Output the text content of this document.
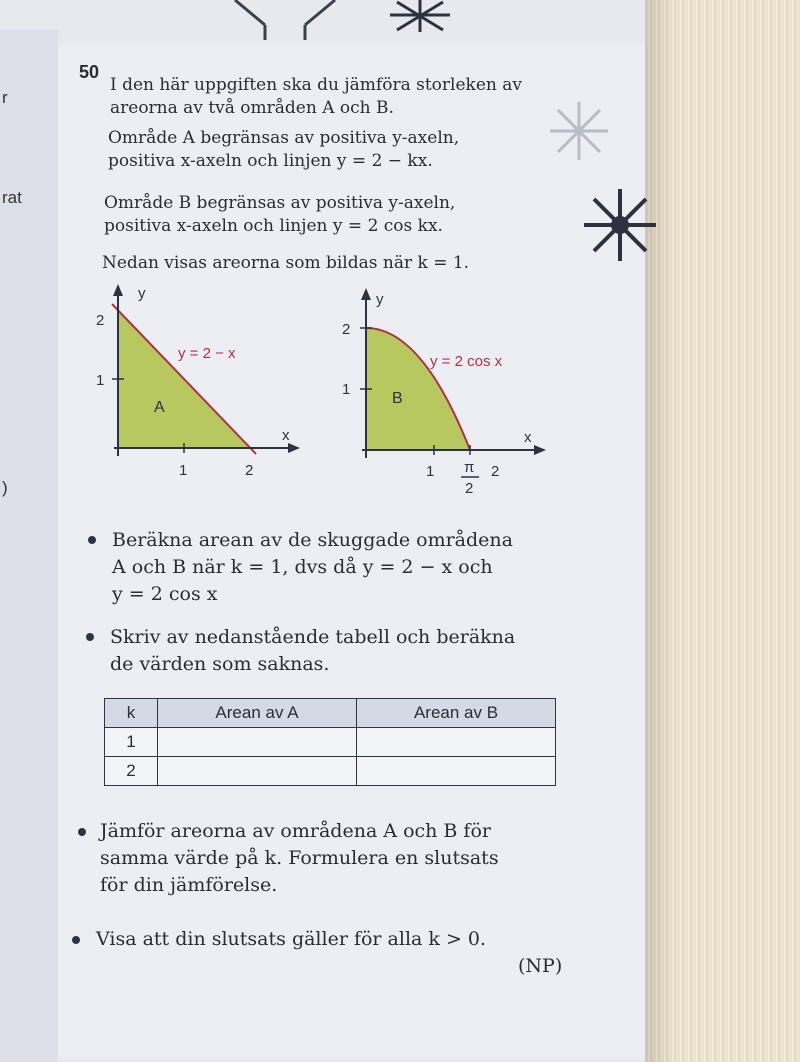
r
rat
)
50
I den här uppgiften ska du jämföra storleken av
areorna av två områden A och B.
Område A begränsas av positiva y-axeln,
positiva x-axeln och linjen y = 2 − kx.
Område B begränsas av positiva y-axeln,
positiva x-axeln och linjen y = 2 cos kx.
Nedan visas areorna som bildas när k = 1.
y
x
2
1
1	2
y = 2 − x
A
y
x
2
1
1 π
2
2
y = 2 cos x
B
Beräkna arean av de skuggade områdena
A och B när k = 1, dvs då y = 2 − x och
y = 2 cos x
Skriv av nedanstående tabell och beräkna
de värden som saknas.
k	Arean av A	Arean av B
1		
2		
Jämför areorna av områdena A och B för
samma värde på k. Formulera en slutsats
för din jämförelse.
Visa att din slutsats gäller för alla k > 0.
(NP)
